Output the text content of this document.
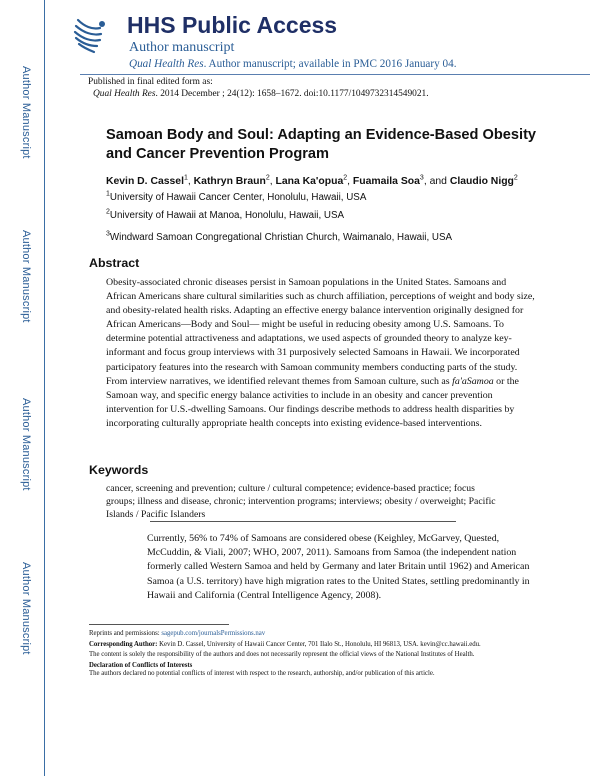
Author Manuscript
Author Manuscript
Author Manuscript
Author Manuscript
HHS Public Access
Author manuscript
Qual Health Res. Author manuscript; available in PMC 2016 January 04.
Published in final edited form as:
Qual Health Res. 2014 December ; 24(12): 1658–1672. doi:10.1177/1049732314549021.
Samoan Body and Soul: Adapting an Evidence-Based Obesity and Cancer Prevention Program
Kevin D. Cassel$^1$, Kathryn Braun$^2$, Lana Ka'opua$^2$, Fuamaila Soa$^3$, and Claudio Nigg$^2$
$^1$University of Hawaii Cancer Center, Honolulu, Hawaii, USA
$^2$University of Hawaii at Manoa, Honolulu, Hawaii, USA
$^3$Windward Samoan Congregational Christian Church, Waimanalo, Hawaii, USA
Abstract
Obesity-associated chronic diseases persist in Samoan populations in the United States. Samoans and African Americans share cultural similarities such as church affiliation, perceptions of weight and body size, and obesity-related health risks. Adapting an effective energy balance intervention originally designed for African Americans—Body and Soul— might be useful in reducing obesity among U.S. Samoans. To determine potential attractiveness and adaptations, we used aspects of grounded theory to analyze key-informant and focus group interviews with 31 purposively selected Samoans in Hawaii. We incorporated participatory features into the research with Samoan community members conducting parts of the study. From interview narratives, we identified relevant themes from Samoan culture, such as fa'aSamoa or the Samoan way, and specific energy balance activities to include in an obesity and cancer prevention intervention for U.S.-dwelling Samoans. Our findings describe methods to address health disparities by incorporating culturally appropriate health concepts into existing evidence-based interventions.
Keywords
cancer, screening and prevention; culture / cultural competence; evidence-based practice; focus groups; illness and disease, chronic; intervention programs; interviews; obesity / overweight; Pacific Islands / Pacific Islanders
Currently, 56% to 74% of Samoans are considered obese (Keighley, McGarvey, Quested, McCuddin, & Viali, 2007; WHO, 2007, 2011). Samoans from Samoa (the independent nation formerly called Western Samoa and held by Germany and later Britain until 1962) and American Samoa (a U.S. territory) have high migration rates to the United States, settling predominantly in Hawaii and California (Central Intelligence Agency, 2008).

Reprints and permissions: sagepub.com/journalsPermissions.nav

Corresponding Author: Kevin D. Cassel, University of Hawaii Cancer Center, 701 Ilalo St., Honolulu, HI 96813, USA. kevin@cc.hawaii.edu.

The content is solely the responsibility of the authors and does not necessarily represent the official views of the National Institutes of Health.

Declaration of Conflicts of Interests
The authors declared no potential conflicts of interest with respect to the research, authorship, and/or publication of this article.
